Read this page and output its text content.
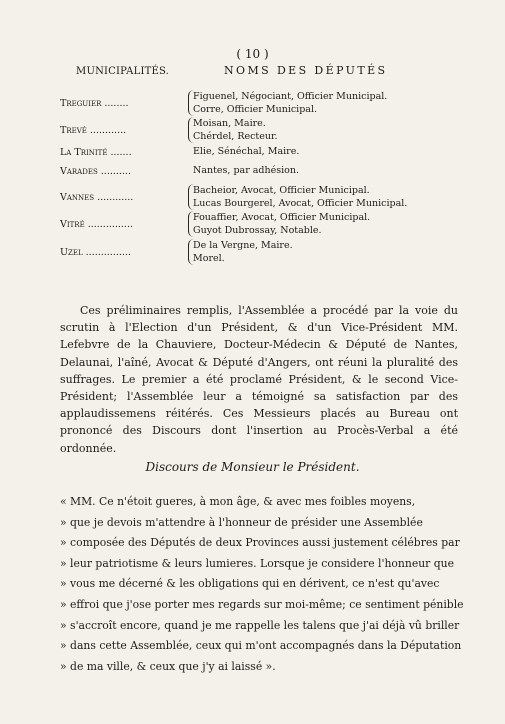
( 10 )
MUNICIPALITÉS.	NOMS DES DÉPUTÉS
Treguier ........
Figuenel, Négociant, Officier Municipal.
Corre, Officier Municipal.
Trevé ............
Moisan, Maire.
Chérdel, Recteur.
La Trinité .......	Elie, Sénéchal, Maire.
Varades ..........	Nantes, par adhésion.
Vannes ............
Bacheior, Avocat, Officier Municipal.
Lucas Bourgerel, Avocat, Officier Municipal.
Vitré ...............
Fouaffier, Avocat, Officier Municipal.
Guyot Dubrossay, Notable.
Uzel ...............
De la Vergne, Maire.
Morel.
Ces préliminaires remplis, l'Assemblée a procédé par la voie du scrutin à l'Election d'un Président, & d'un Vice-Président MM. Lefebvre de la Chauviere, Docteur-Médecin & Député de Nantes, Delaunai, l'aîné, Avocat & Député d'Angers, ont réuni la pluralité des suffrages. Le premier a été proclamé Président, & le second Vice-Président; l'Assemblée leur a témoigné sa satisfaction par des applaudissemens réitérés. Ces Messieurs placés au Bureau ont prononcé des Discours dont l'insertion au Procès-Verbal a été ordonnée.
Discours de Monsieur le Président.
« MM. Ce n'étoit gueres, à mon âge, & avec mes foibles moyens,
» que je devois m'attendre à l'honneur de présider une Assemblée
» composée des Députés de deux Provinces aussi justement célébres par
» leur patriotisme & leurs lumieres. Lorsque je considere l'honneur que
» vous me décerné & les obligations qui en dérivent, ce n'est qu'avec
» effroi que j'ose porter mes regards sur moi-même; ce sentiment pénible
» s'accroît encore, quand je me rappelle les talens que j'ai déjà vû briller
» dans cette Assemblée, ceux qui m'ont accompagnés dans la Députation
» de ma ville, & ceux que j'y ai laissé ».
